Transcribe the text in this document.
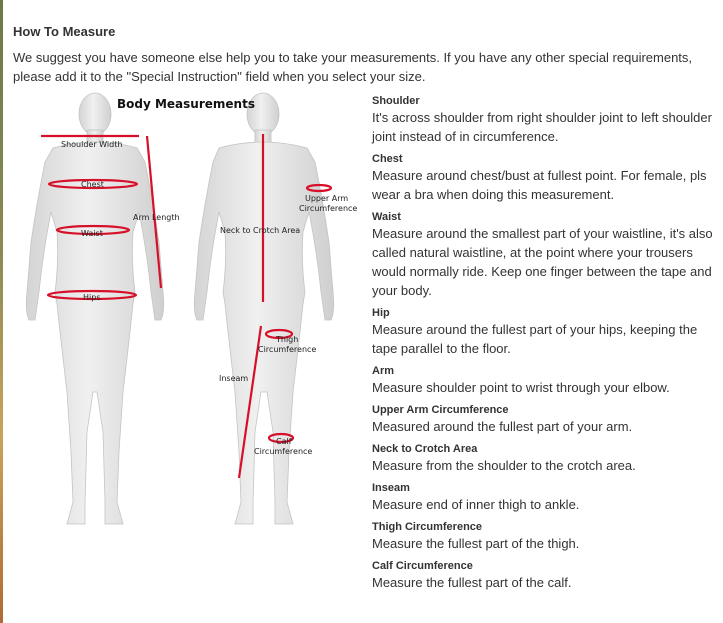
How To Measure
We suggest you have someone else help you to take your measurements. If you have any other special requirements, please add it to the "Special Instruction" field when you select your size.
Body Measurements
Shoulder Width
Chest
Arm Length
Waist
Hips
Upper Arm
Circumference
Neck to Crotch Area
Thigh
Circumference
Inseam
Calf
Circumference
Shoulder
It's across shoulder from right shoulder joint to left shoulder joint instead of in circumference.
Chest
Measure around chest/bust at fullest point. For female, pls wear a bra when doing this measurement.
Waist
Measure around the smallest part of your waistline, it's also called natural waistline, at the point where your trousers would normally ride. Keep one finger between the tape and your body.
Hip
Measure around the fullest part of your hips, keeping the tape parallel to the floor.
Arm
Measure shoulder point to wrist through your elbow.
Upper Arm Circumference
Measured around the fullest part of your arm.
Neck to Crotch Area
Measure from the shoulder to the crotch area.
Inseam
Measure end of inner thigh to ankle.
Thigh Circumference
Measure the fullest part of the thigh.
Calf Circumference
Measure the fullest part of the calf.
